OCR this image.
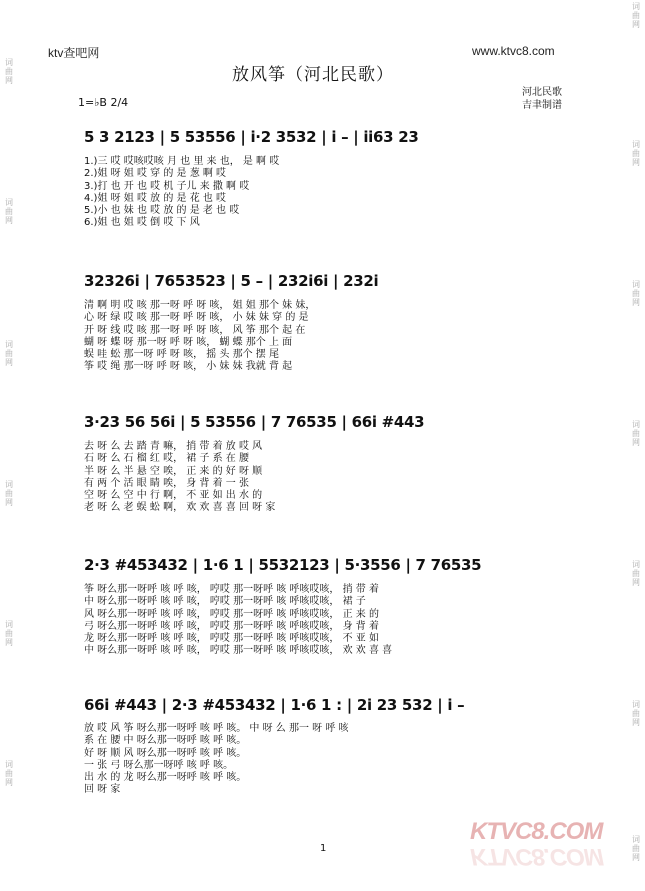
词曲网
词曲网
词曲网
词曲网
词曲网
词曲网
词曲网
词曲网
词曲网
词曲网
词曲网
词曲网
词曲网
ktv查吧网	www.ktvc8.com
放风筝（河北民歌）
河北民歌
吉聿制谱
1=♭B 2/4
5 3 2123 | 5 53556 | i·2 3532 | i – | ii63 23
1.)三 哎 哎咳哎咳 月 也 里 来 也， 是 啊 哎
2.)姐 呀 姐 哎 穿 的 是 葱 啊 哎
3.)打 也 开 也 哎 机 子儿 来 撒 啊 哎
4.)姐 呀 姐 哎 放 的 是 花 也 哎
5.)小 也 妹 也 哎 放 的 是 老 也 哎
6.)姐 也 姐 哎 倒 哎 下 风
32326i | 7653523 | 5 – | 232i6i | 232i
清 啊 明 哎 咳 那一呀 呼 呀 咳， 姐 姐 那个 妹 妹，
心 呀 绿 哎 咳 那一呀 呼 呀 咳， 小 妹 妹 穿 的 是
开 呀 线 哎 咳 那一呀 呼 呀 咳， 风 筝 那个 起 在
蝴 呀 蝶 呀 那一呀 呼 呀 咳， 蝴 蝶 那个 上 面
蜈 哇 蚣 那一呀 呼 呀 咳， 摇 头 那个 摆 尾
筝 哎 绳 那一呀 呼 呀 咳， 小 妹 妹 我就 背 起
3·23 56 56i | 5 53556 | 7 76535 | 66i #443
去 呀 么 去 踏 青 嘛， 捎 带 着 放 哎 风
石 呀 么 石 榴 红 哎， 裙 子 系 在 腰
半 呀 么 半 悬 空 唉， 正 来 的 好 呀 顺
有 两 个 活 眼 睛 唉， 身 背 着 一 张
空 呀 么 空 中 行 啊， 不 亚 如 出 水 的
老 呀 么 老 蜈 蚣 啊， 欢 欢 喜 喜 回 呀 家
2·3 #453432 | 1·6 1 | 5532123 | 5·3556 | 7 76535
筝 呀么那一呀呼 咳 呼 咳， 哼哎 那一呀呼 咳 呼咳哎咳， 捎 带 着
中 呀么那一呀呼 咳 呼 咳， 哼哎 那一呀呼 咳 呼咳哎咳， 裙 子
风 呀么那一呀呼 咳 呼 咳， 哼哎 那一呀呼 咳 呼咳哎咳， 正 来 的
弓 呀么那一呀呼 咳 呼 咳， 哼哎 那一呀呼 咳 呼咳哎咳， 身 背 着
龙 呀么那一呀呼 咳 呼 咳， 哼哎 那一呀呼 咳 呼咳哎咳， 不 亚 如
中 呀么那一呀呼 咳 呼 咳， 哼哎 那一呀呼 咳 呼咳哎咳， 欢 欢 喜 喜
66i #443 | 2·3 #453432 | 1·6 1 : | 2i 23 532 | i –
放 哎 风 筝 呀么那一呀呼 咳 呼 咳。 中 呀 么 那一 呀 呼 咳
系 在 腰 中 呀么那一呀呼 咳 呼 咳。
好 呀 顺 风 呀么那一呀呼 咳 呼 咳。
一 张 弓 呀么那一呀呼 咳 呼 咳。
出 水 的 龙 呀么那一呀呼 咳 呼 咳。
回 呀 家
1
KTVC8.COM
KTVC8.COM
